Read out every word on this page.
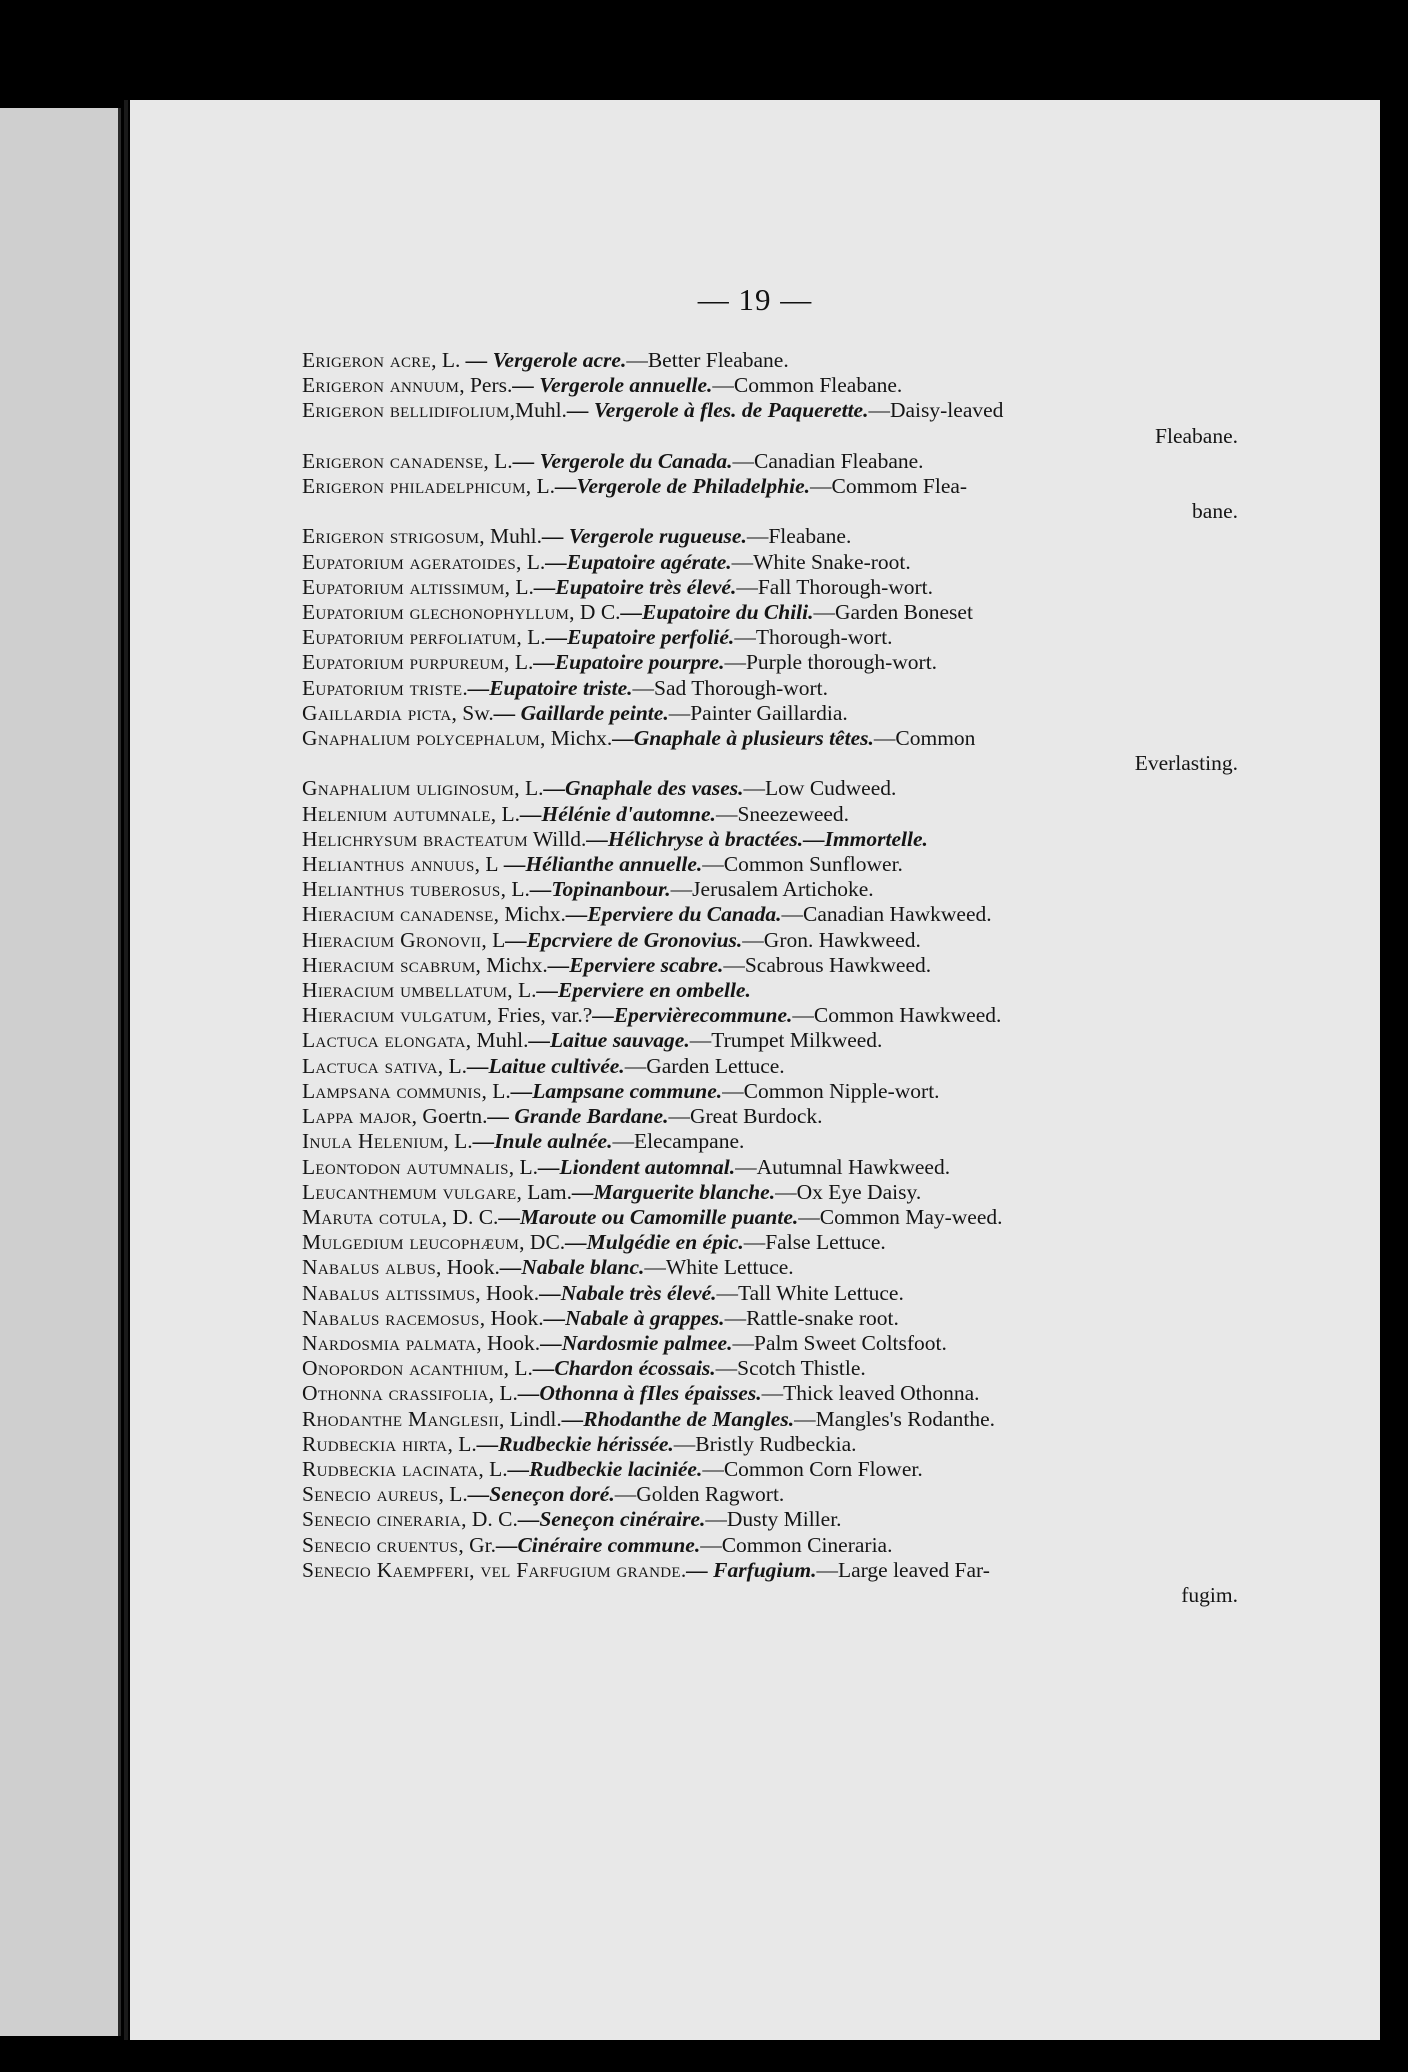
— 19 —
Erigeron acre, L. — Vergerole acre.—Better Fleabane.
Erigeron annuum, Pers.— Vergerole annuelle.—Common Fleabane.
Erigeron bellidifolium,Muhl.— Vergerole à fles. de Paquerette.—Daisy-leaved
Fleabane.
Erigeron canadense, L.— Vergerole du Canada.—Canadian Fleabane.
Erigeron philadelphicum, L.—Vergerole de Philadelphie.—Commom Flea-
bane.
Erigeron strigosum, Muhl.— Vergerole rugueuse.—Fleabane.
Eupatorium ageratoides, L.—Eupatoire agérate.—White Snake-root.
Eupatorium altissimum, L.—Eupatoire très élevé.—Fall Thorough-wort.
Eupatorium glechonophyllum, D C.—Eupatoire du Chili.—Garden Boneset
Eupatorium perfoliatum, L.—Eupatoire perfolié.—Thorough-wort.
Eupatorium purpureum, L.—Eupatoire pourpre.—Purple thorough-wort.
Eupatorium triste.—Eupatoire triste.—Sad Thorough-wort.
Gaillardia picta, Sw.— Gaillarde peinte.—Painter Gaillardia.
Gnaphalium polycephalum, Michx.—Gnaphale à plusieurs têtes.—Common
Everlasting.
Gnaphalium uliginosum, L.—Gnaphale des vases.—Low Cudweed.
Helenium autumnale, L.—Hélénie d'automne.—Sneezeweed.
Helichrysum bracteatum Willd.—Hélichryse à bractées.—Immortelle.
Helianthus annuus, L —Hélianthe annuelle.—Common Sunflower.
Helianthus tuberosus, L.—Topinanbour.—Jerusalem Artichoke.
Hieracium canadense, Michx.—Eperviere du Canada.—Canadian Hawkweed.
Hieracium Gronovii, L—Epcrviere de Gronovius.—Gron. Hawkweed.
Hieracium scabrum, Michx.—Eperviere scabre.—Scabrous Hawkweed.
Hieracium umbellatum, L.—Eperviere en ombelle.
Hieracium vulgatum, Fries, var.?—Epervièrecommune.—Common Hawkweed.
Lactuca elongata, Muhl.—Laitue sauvage.—Trumpet Milkweed.
Lactuca sativa, L.—Laitue cultivée.—Garden Lettuce.
Lampsana communis, L.—Lampsane commune.—Common Nipple-wort.
Lappa major, Goertn.— Grande Bardane.—Great Burdock.
Inula Helenium, L.—Inule aulnée.—Elecampane.
Leontodon autumnalis, L.—Liondent automnal.—Autumnal Hawkweed.
Leucanthemum vulgare, Lam.—Marguerite blanche.—Ox Eye Daisy.
Maruta cotula, D. C.—Maroute ou Camomille puante.—Common May-weed.
Mulgedium leucophæum, DC.—Mulgédie en épic.—False Lettuce.
Nabalus albus, Hook.—Nabale blanc.—White Lettuce.
Nabalus altissimus, Hook.—Nabale très élevé.—Tall White Lettuce.
Nabalus racemosus, Hook.—Nabale à grappes.—Rattle-snake root.
Nardosmia palmata, Hook.—Nardosmie palmee.—Palm Sweet Coltsfoot.
Onopordon acanthium, L.—Chardon écossais.—Scotch Thistle.
Othonna crassifolia, L.—Othonna à fIles épaisses.—Thick leaved Othonna.
Rhodanthe Manglesii, Lindl.—Rhodanthe de Mangles.—Mangles's Rodanthe.
Rudbeckia hirta, L.—Rudbeckie hérissée.—Bristly Rudbeckia.
Rudbeckia lacinata, L.—Rudbeckie laciniée.—Common Corn Flower.
Senecio aureus, L.—Seneçon doré.—Golden Ragwort.
Senecio cineraria, D. C.—Seneçon cinéraire.—Dusty Miller.
Senecio cruentus, Gr.—Cinéraire commune.—Common Cineraria.
Senecio Kaempferi, vel Farfugium grande.— Farfugium.—Large leaved Far-
fugim.
